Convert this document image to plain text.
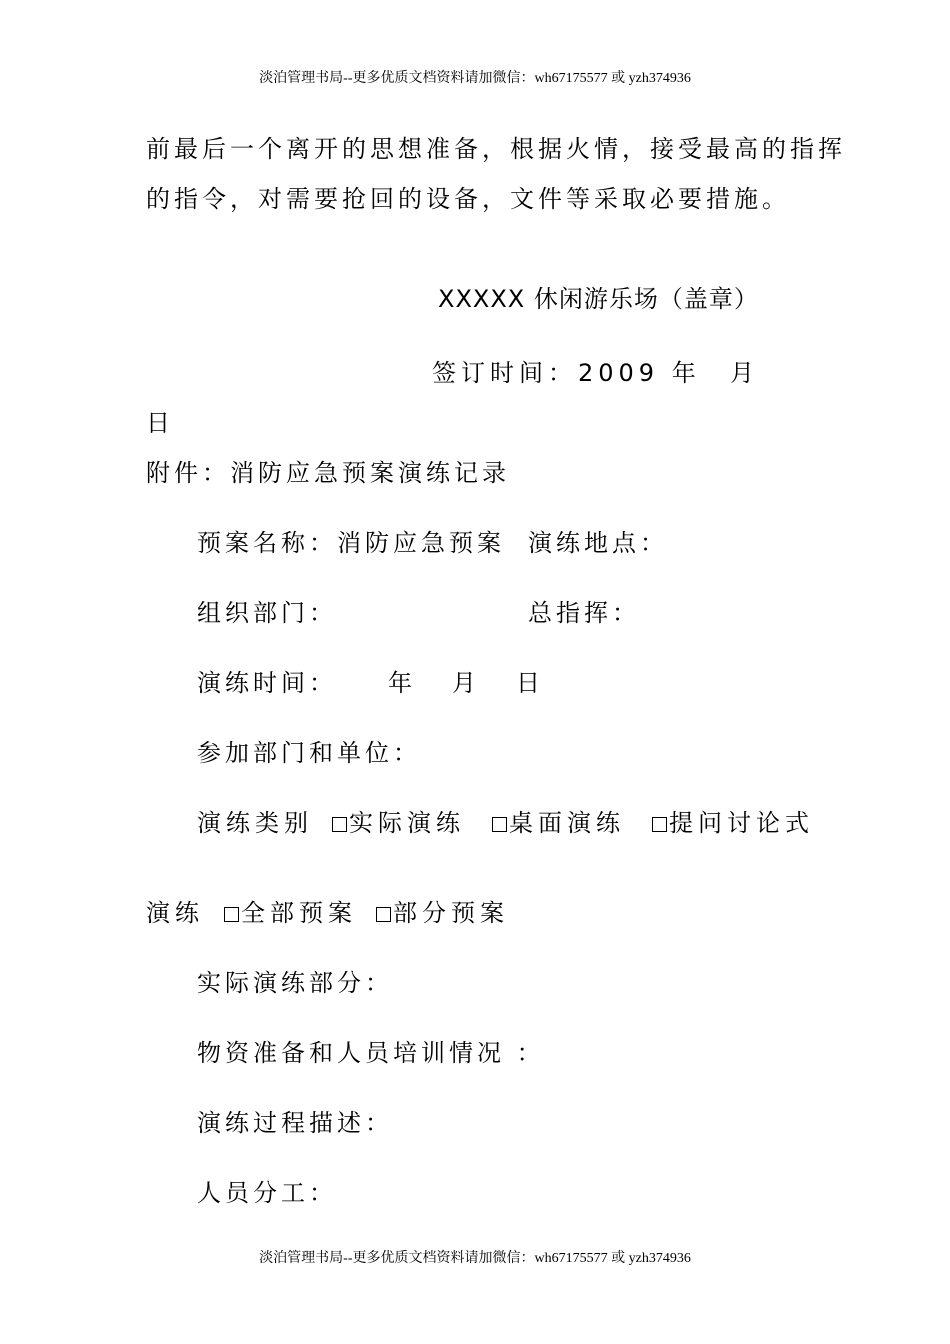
淡泊管理书局--更多优质文档资料请加微信：wh67175577 或 yzh374936
前最后一个离开的思想准备，根据火情，接受最高的指挥
的指令，对需要抢回的设备，文件等采取必要措施。
XXXXX 休闲游乐场（盖章）
签订时间： 2009 年 月
日
附件：消防应急预案演练记录
预案名称：消防应急预案 演练地点：
组织部门：	总指挥：
演练时间： 年 月 日
参加部门和单位：
演练类别	实际演练	桌面演练	提问讨论式
演练	全部预案	部分预案
实际演练部分：
物资准备和人员培训情况 ：
演练过程描述：
人员分工：
淡泊管理书局--更多优质文档资料请加微信：wh67175577 或 yzh374936
